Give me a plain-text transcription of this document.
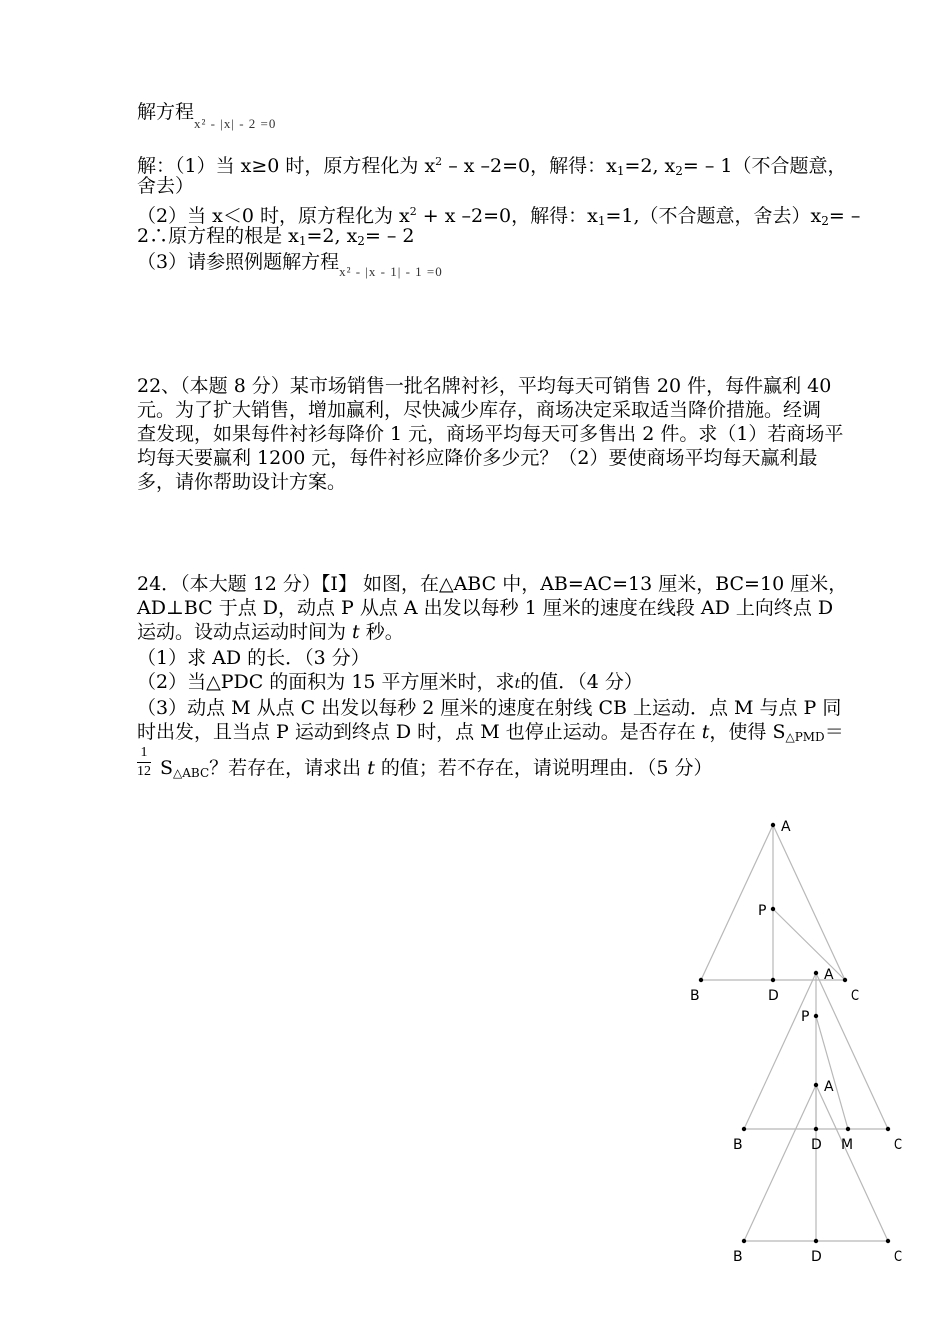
解方程$_{x^2 - |x| - 2 =0}$
解：（1）当 x≥0 时，原方程化为 $x^2$ – x –2=0，解得：$x_1=2$, $x_2= - 1$（不合题意，
舍去）
（2）当 x＜0 时，原方程化为 $x^2 + x$ –2=0，解得：$x_1=1$,（不合题意，舍去）$x_2=$ –
2∴原方程的根是 $x_1=2$, $x_2= - 2$
（3）请参照例题解方程$_{x^2 - |x - 1| - 1 =0}$
22、（本题 8 分）某市场销售一批名牌衬衫，平均每天可销售 20 件，每件赢利 40
元。为了扩大销售，增加赢利，尽快减少库存，商场决定采取适当降价措施。经调
查发现，如果每件衬衫每降价 1 元，商场平均每天可多售出 2 件。求（1）若商场平
均每天要赢利 1200 元，每件衬衫应降价多少元？（2）要使商场平均每天赢利最
多，请你帮助设计方案。
24．（本大题 12 分）【Ⅰ】 如图，在△ABC 中，AB=AC=13 厘米，BC=10 厘米，
AD⊥BC 于点 D，动点 P 从点 A 出发以每秒 1 厘米的速度在线段 AD 上向终点 D
运动。设动点运动时间为 t 秒。
（1）求 AD 的长．（3 分）
（2）当△PDC 的面积为 15 平方厘米时，求t的值．（4 分）
（3）动点 M 从点 C 出发以每秒 2 厘米的速度在射线 CB 上运动．点 M 与点 P 同
时出发，且当点 P 运动到终点 D 时，点 M 也停止运动。是否存在 t，使得 $S_{\triangle PMD}=$
$\frac{1}{12} S_{\triangle ABC}$？若存在，请求出 t 的值；若不存在，请说明理由．（5 分）
A
P
B	D	C
A
P
B	D M	C
A
B	D	C
